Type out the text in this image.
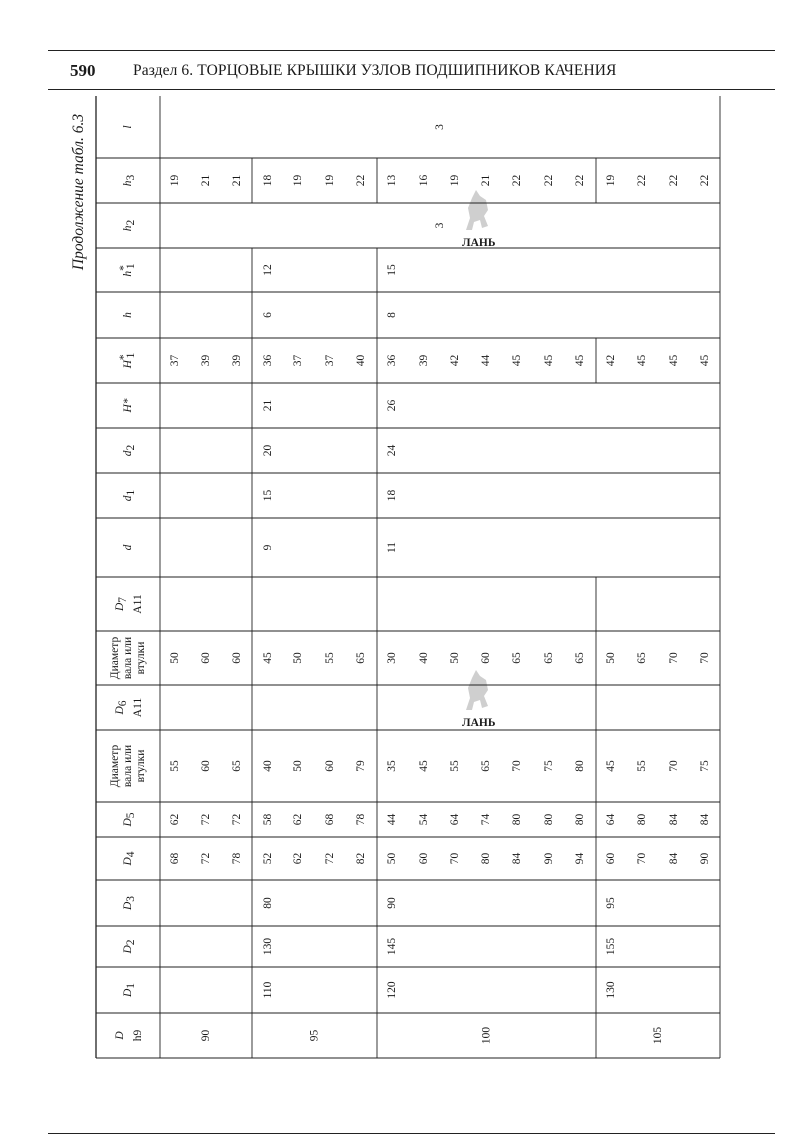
590 Раздел 6. ТОРЦОВЫЕ КРЫШКИ УЗЛОВ ПОДШИПНИКОВ КАЧЕНИЯ
Продолжение табл. 6.3	ЛАНЬ
ЛАНЬ
D h9
D1
D2
D3
D4
D5
Диаметр вала или втулки
D6 A11
Диаметр вала или втулки
D7 A11
d
d1
d2
H*
H*1
h
h*1
h2
h3
l
90
68
62
55
50
37
19
72
72
60
60
39
21
78
72
65
60
39
21
95
52
58
40
45
36
18
62
62
50
50
37
19
72
68
60
55
37
19
82
78
79
65
40
22
100
50
44
35
30
36
13
60
54
45
40
39
16
70
64
55
50
42
19
80
74
65
60
44
21
84
80
70
65
45
22
90
80
75
65
45
22
94
80
80
65
45
22
105
60
64
45
50
42
19
70
80
55
65
45
22
84
84
70
70
45
22
90
84
75
70
45
22
110
130
80
9
15
20
21
6
12
120
145
90
11
18
24
26
8
15
130
155
95
3
3
